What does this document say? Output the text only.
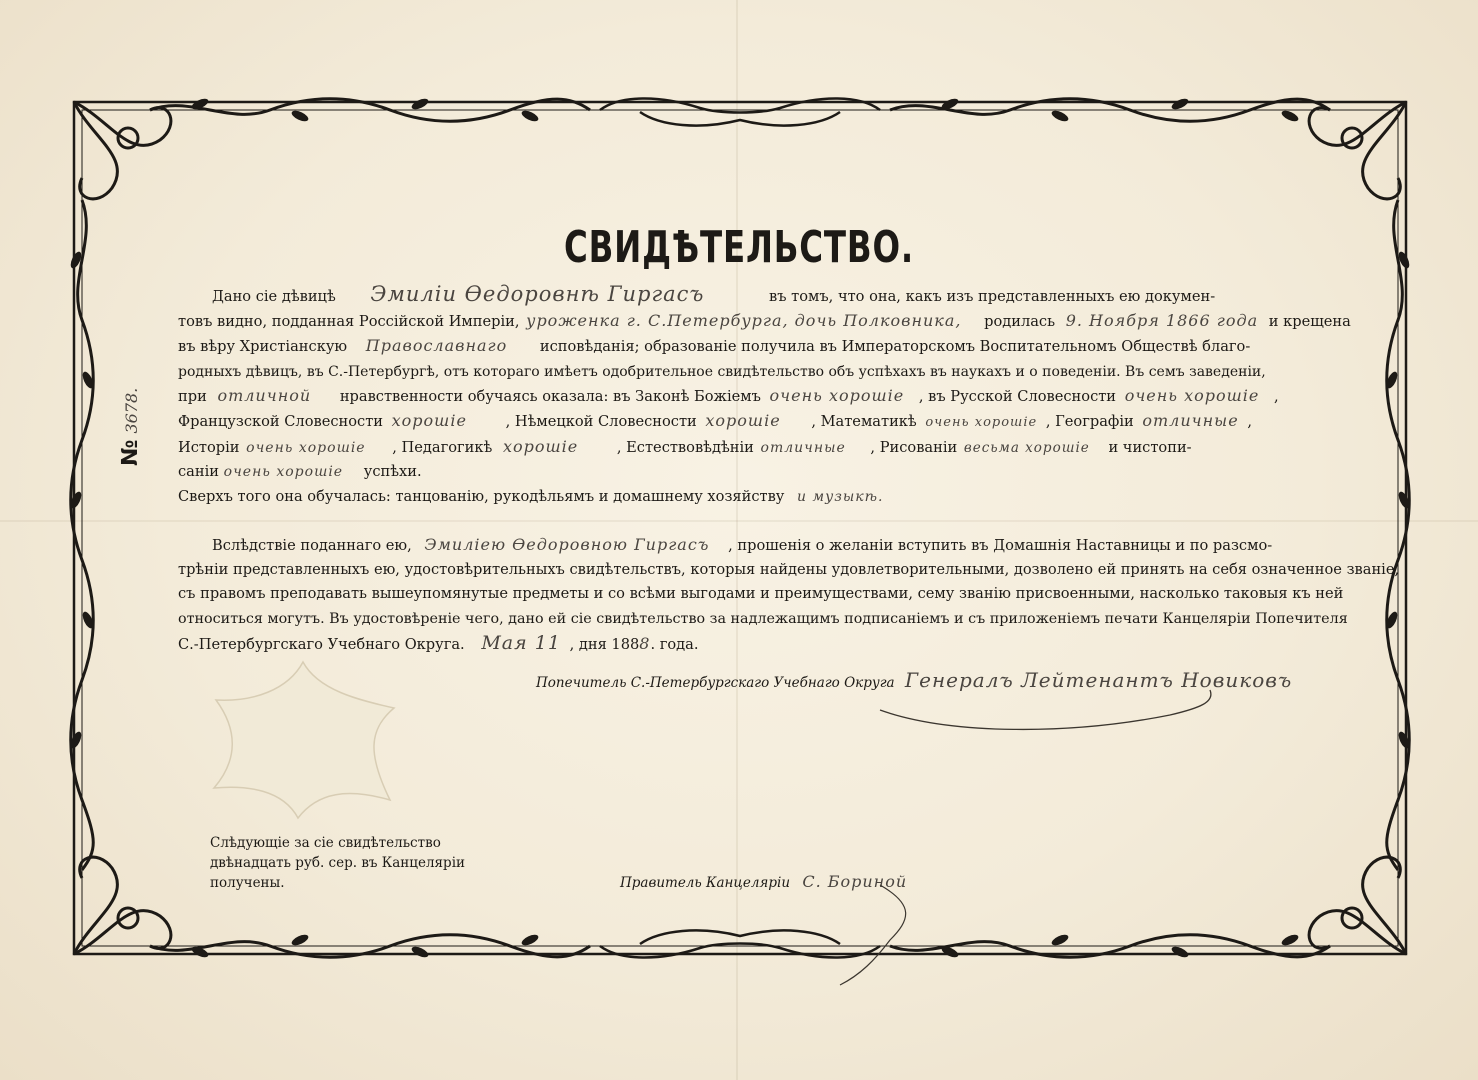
СВИДѢТЕЛЬСТВО.
№3678.
Дано сіе дѣвицѣ Эмиліи Өедоровнѣ Гиргасъ	въ томъ, что она, какъ изъ представленныхъ ею докумен-
товъ видно, подданная Россійской Имперіи, уроженка г. С.Петербурга, дочь Полковника, родилась 9. Ноября 1866 года и крещена
въ вѣру Христіанскую Православнаго исповѣданія; образованіе получила въ Императорскомъ Воспитательномъ Обществѣ благо-
родныхъ дѣвицъ, въ С.-Петербургѣ, отъ котораго имѣетъ одобрительное свидѣтельство объ успѣхахъ въ наукахъ и о поведеніи. Въ семъ заведеніи,
при отличной нравственности обучаясь оказала: въ Законѣ Божіемъ очень хорошіе , въ Русской Словесности очень хорошіе ,
Французской Словесности хорошіе	, Нѣмецкой Словесности хорошіе , Математикѣ очень хорошіе , Географіи отличные ,
Исторіи очень хорошіе , Педагогикѣ хорошіе	, Естествовѣдѣніи отличные , Рисованіи весьма хорошіе и чистопи-
саніи очень хорошіе успѣхи.
Сверхъ того она обучалась: танцованію, рукодѣльямъ и домашнему хозяйству и музыкѣ.
Вслѣдствіе поданнаго ею, Эмиліею Өедоровною Гиргасъ , прошенія о желаніи вступить въ Домашнія Наставницы и по разсмо-
трѣніи представленныхъ ею, удостовѣрительныхъ свидѣтельствъ, которыя найдены удовлетворительными, дозволено ей принять на себя означенное званіе,
съ правомъ преподавать вышеупомянутые предметы и со всѣми выгодами и преимуществами, сему званію присвоенными, насколько таковыя къ ней
относиться могутъ. Въ удостовѣреніе чего, дано ей сіе свидѣтельство за надлежащимъ подписаніемъ и съ приложеніемъ печати Канцеляріи Попечителя
С.-Петербургскаго Учебнаго Округа. Мая 11 , дня 1888. года.
Попечитель С.-Петербургскаго Учебнаго Округа Генералъ Лейтенантъ Новиковъ
Слѣдующіе за сіе свидѣтельство двѣнадцать руб. сер. въ Канцеляріи получены.	Правитель Канцеляріи С. Бориной
